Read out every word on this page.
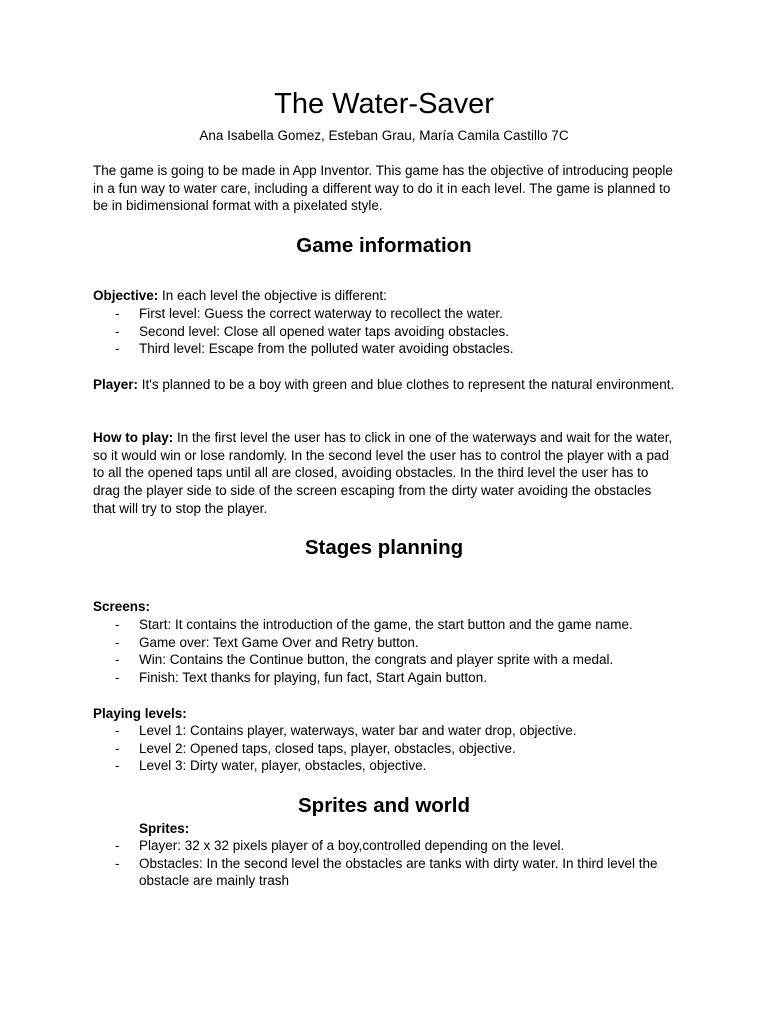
The Water-Saver
Ana Isabella Gomez, Esteban Grau, María Camila Castillo 7C

The game is going to be made in App Inventor. This game has the objective of introducing people in a fun way to water care, including a different way to do it in each level. The game is planned to be in bidimensional format with a pixelated style.

Game information

Objective: In each level the objective is different:

- First level: Guess the correct waterway to recollect the water.
- Second level: Close all opened water taps avoiding obstacles.
- Third level: Escape from the polluted water avoiding obstacles.

Player: It's planned to be a boy with green and blue clothes to represent the natural environment.

How to play: In the first level the user has to click in one of the waterways and wait for the water, so it would win or lose randomly. In the second level the user has to control the player with a pad to all the opened taps until all are closed, avoiding obstacles. In the third level the user has to drag the player side to side of the screen escaping from the dirty water avoiding the obstacles that will try to stop the player.

Stages planning

Screens:

- Start: It contains the introduction of the game, the start button and the game name.
- Game over: Text Game Over and Retry button.
- Win: Contains the Continue button, the congrats and player sprite with a medal.
- Finish: Text thanks for playing, fun fact, Start Again button.

Playing levels:

- Level 1: Contains player, waterways, water bar and water drop, objective.
- Level 2: Opened taps, closed taps, player, obstacles, objective.
- Level 3: Dirty water, player, obstacles, objective.
Sprites and world
Sprites:
- Player: 32 x 32 pixels player of a boy,controlled depending on the level.
- Obstacles: In the second level the obstacles are tanks with dirty water. In third level the obstacle are mainly trash
